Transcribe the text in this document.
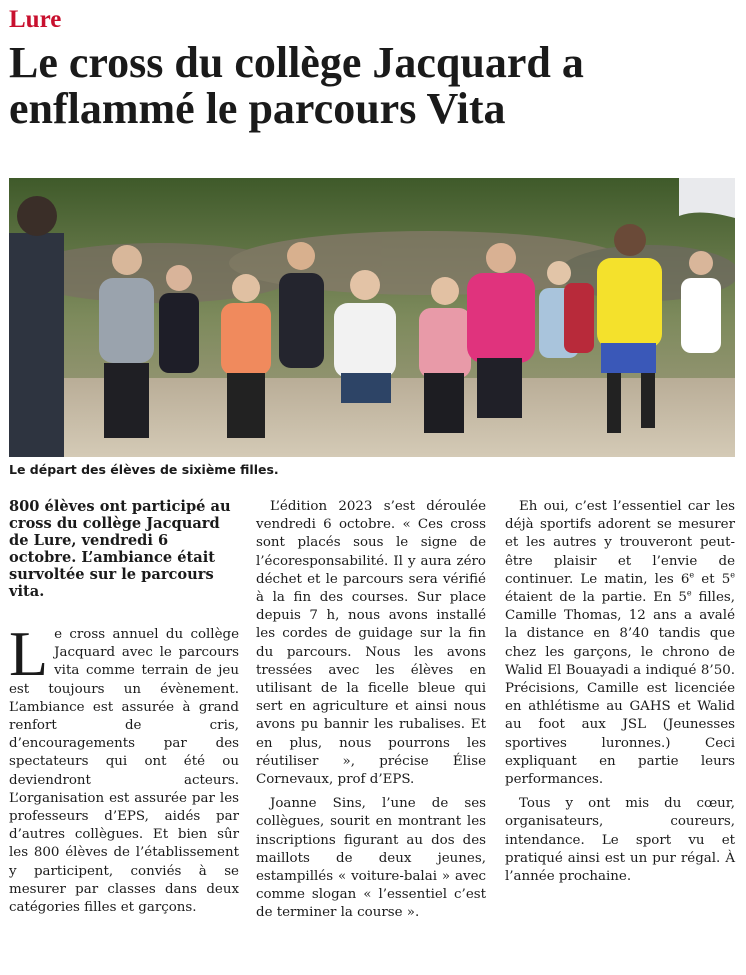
Lure
Le cross du collège Jacquard a enflammé le parcours Vita
Le départ des élèves de sixième filles.

800 élèves ont participé au cross du collège Jacquard de Lure, vendredi 6 octobre. L’ambiance était survoltée sur le parcours vita.

Le cross annuel du collège Jacquard avec le parcours vita comme terrain de jeu est toujours un évènement. L’ambiance est assurée à grand renfort de cris, d’encouragements par des spectateurs qui ont été ou deviendront acteurs. L’organisation est assurée par les professeurs d’EPS, aidés par d’autres collègues. Et bien sûr les 800 élèves de l’établissement y participent, conviés à se mesurer par classes dans deux catégories filles et garçons.

L’édition 2023 s’est déroulée vendredi 6 octobre. « Ces cross sont placés sous le signe de l’écoresponsabilité. Il y aura zéro déchet et le parcours sera vérifié à la fin des courses. Sur place depuis 7 h, nous avons installé les cordes de guidage sur la fin du parcours. Nous les avons tressées avec les élèves en utilisant de la ficelle bleue qui sert en agriculture et ainsi nous avons pu bannir les rubalises. Et en plus, nous pourrons les réutiliser », précise Élise Cornevaux, prof d’EPS.

Joanne Sins, l’une de ses collègues, sourit en montrant les inscriptions figurant au dos des maillots de deux jeunes, estampillés « voiture-balai » avec comme slogan « l’essentiel c’est de terminer la course ».

Eh oui, c’est l’essentiel car les déjà sportifs adorent se mesurer et les autres y trouveront peut-être plaisir et l’envie de continuer. Le matin, les 6e et 5e étaient de la partie. En 5e filles, Camille Thomas, 12 ans a avalé la distance en 8’40 tandis que chez les garçons, le chrono de Walid El Bouayadi a indiqué 8’50. Précisions, Camille est licenciée en athlétisme au GAHS et Walid au foot aux JSL (Jeunesses sportives luronnes.) Ceci expliquant en partie leurs performances.

Tous y ont mis du cœur, organisateurs, coureurs, intendance. Le sport vu et pratiqué ainsi est un pur régal. À l’année prochaine.
